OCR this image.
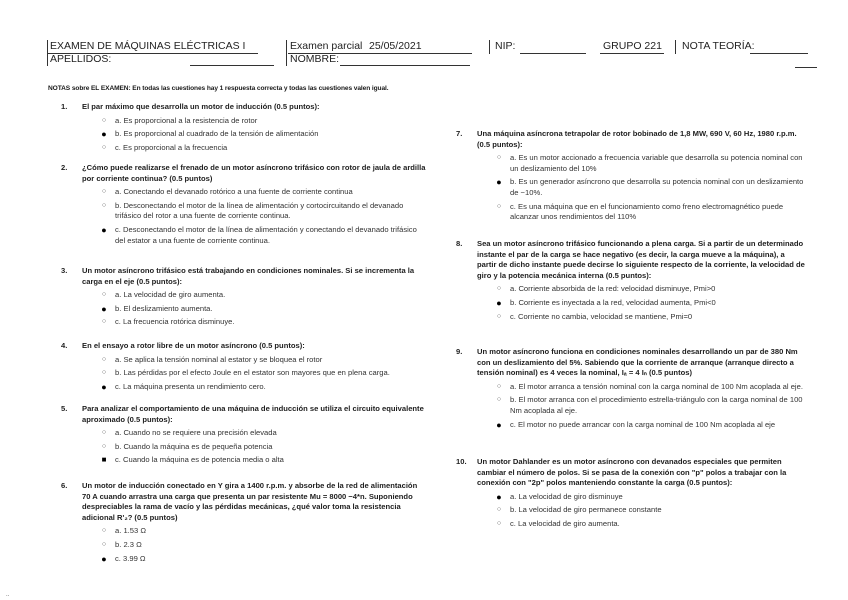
EXAMEN DE MÁQUINAS ELÉCTRICAS I
APELLIDOS:
Examen parcial 25/05/2021
NOMBRE:
NIP:	GRUPO 221 NOTA TEORÍA:
NOTAS sobre EL EXAMEN: En todas las cuestiones hay 1 respuesta correcta y todas las cuestiones valen igual.
1. El par máximo que desarrolla un motor de inducción (0.5 puntos):
○	a. Es proporcional a la resistencia de rotor
●	b. Es proporcional al cuadrado de la tensión de alimentación
○	c. Es proporcional a la frecuencia
2. ¿Cómo puede realizarse el frenado de un motor asíncrono trifásico con rotor de jaula de ardilla por corriente continua? (0.5 puntos)
○	a. Conectando el devanado rotórico a una fuente de corriente continua
○	b. Desconectando el motor de la línea de alimentación y cortocircuitando el devanado trifásico del rotor a una fuente de corriente continua.
●	c. Desconectando el motor de la línea de alimentación y conectando el devanado trifásico del estator a una fuente de corriente continua.
3. Un motor asíncrono trifásico está trabajando en condiciones nominales. Si se incrementa la carga en el eje (0.5 puntos):
○	a. La velocidad de giro aumenta.
●	b. El deslizamiento aumenta.
○	c. La frecuencia rotórica disminuye.
4. En el ensayo a rotor libre de un motor asíncrono (0.5 puntos):
○	a. Se aplica la tensión nominal al estator y se bloquea el rotor
○	b. Las pérdidas por el efecto Joule en el estator son mayores que en plena carga.
●	c. La máquina presenta un rendimiento cero.
5. Para analizar el comportamiento de una máquina de inducción se utiliza el circuito equivalente aproximado (0.5 puntos):
○	a. Cuando no se requiere una precisión elevada
○	b. Cuando la máquina es de pequeña potencia
■	c. Cuando la máquina es de potencia media o alta
6. Un motor de inducción conectado en Y gira a 1400 r.p.m. y absorbe de la red de alimentación 70 A cuando arrastra una carga que presenta un par resistente Mu = 8000 −4*n. Suponiendo despreciables la rama de vacío y las pérdidas mecánicas, ¿qué valor toma la resistencia adicional R'₂? (0.5 puntos)
○	a. 1.53 Ω
○	b. 2.3 Ω
●	c. 3.99 Ω
7. Una máquina asíncrona tetrapolar de rotor bobinado de 1,8 MW, 690 V, 60 Hz, 1980 r.p.m. (0.5 puntos):
○	a. Es un motor accionado a frecuencia variable que desarrolla su potencia nominal con un deslizamiento del 10%
●	b. Es un generador asíncrono que desarrolla su potencia nominal con un deslizamiento de −10%.
○	c. Es una máquina que en el funcionamiento como freno electromagnético puede alcanzar unos rendimientos del 110%
8. Sea un motor asíncrono trifásico funcionando a plena carga. Si a partir de un determinado instante el par de la carga se hace negativo (es decir, la carga mueve a la máquina), a partir de dicho instante puede decirse lo siguiente respecto de la corriente, la velocidad de giro y la potencia mecánica interna (0.5 puntos):
○	a. Corriente absorbida de la red: velocidad disminuye, Pmi>0
●	b. Corriente es inyectada a la red, velocidad aumenta, Pmi<0
○	c. Corriente no cambia, velocidad se mantiene, Pmi=0
9. Un motor asíncrono funciona en condiciones nominales desarrollando un par de 380 Nm con un deslizamiento del 5%. Sabiendo que la corriente de arranque (arranque directo a tensión nominal) es 4 veces la nominal, Iₐ = 4 Iₙ (0.5 puntos)
○	a. El motor arranca a tensión nominal con la carga nominal de 100 Nm acoplada al eje.
○	b. El motor arranca con el procedimiento estrella-triángulo con la carga nominal de 100 Nm acoplada al eje.
●	c. El motor no puede arrancar con la carga nominal de 100 Nm acoplada al eje
10. Un motor Dahlander es un motor asíncrono con devanados especiales que permiten cambiar el número de polos. Si se pasa de la conexión con "p" polos a trabajar con la conexión con "2p" polos manteniendo constante la carga (0.5 puntos):
●	a. La velocidad de giro disminuye
○	b. La velocidad de giro permanece constante
○	c. La velocidad de giro aumenta.
..
